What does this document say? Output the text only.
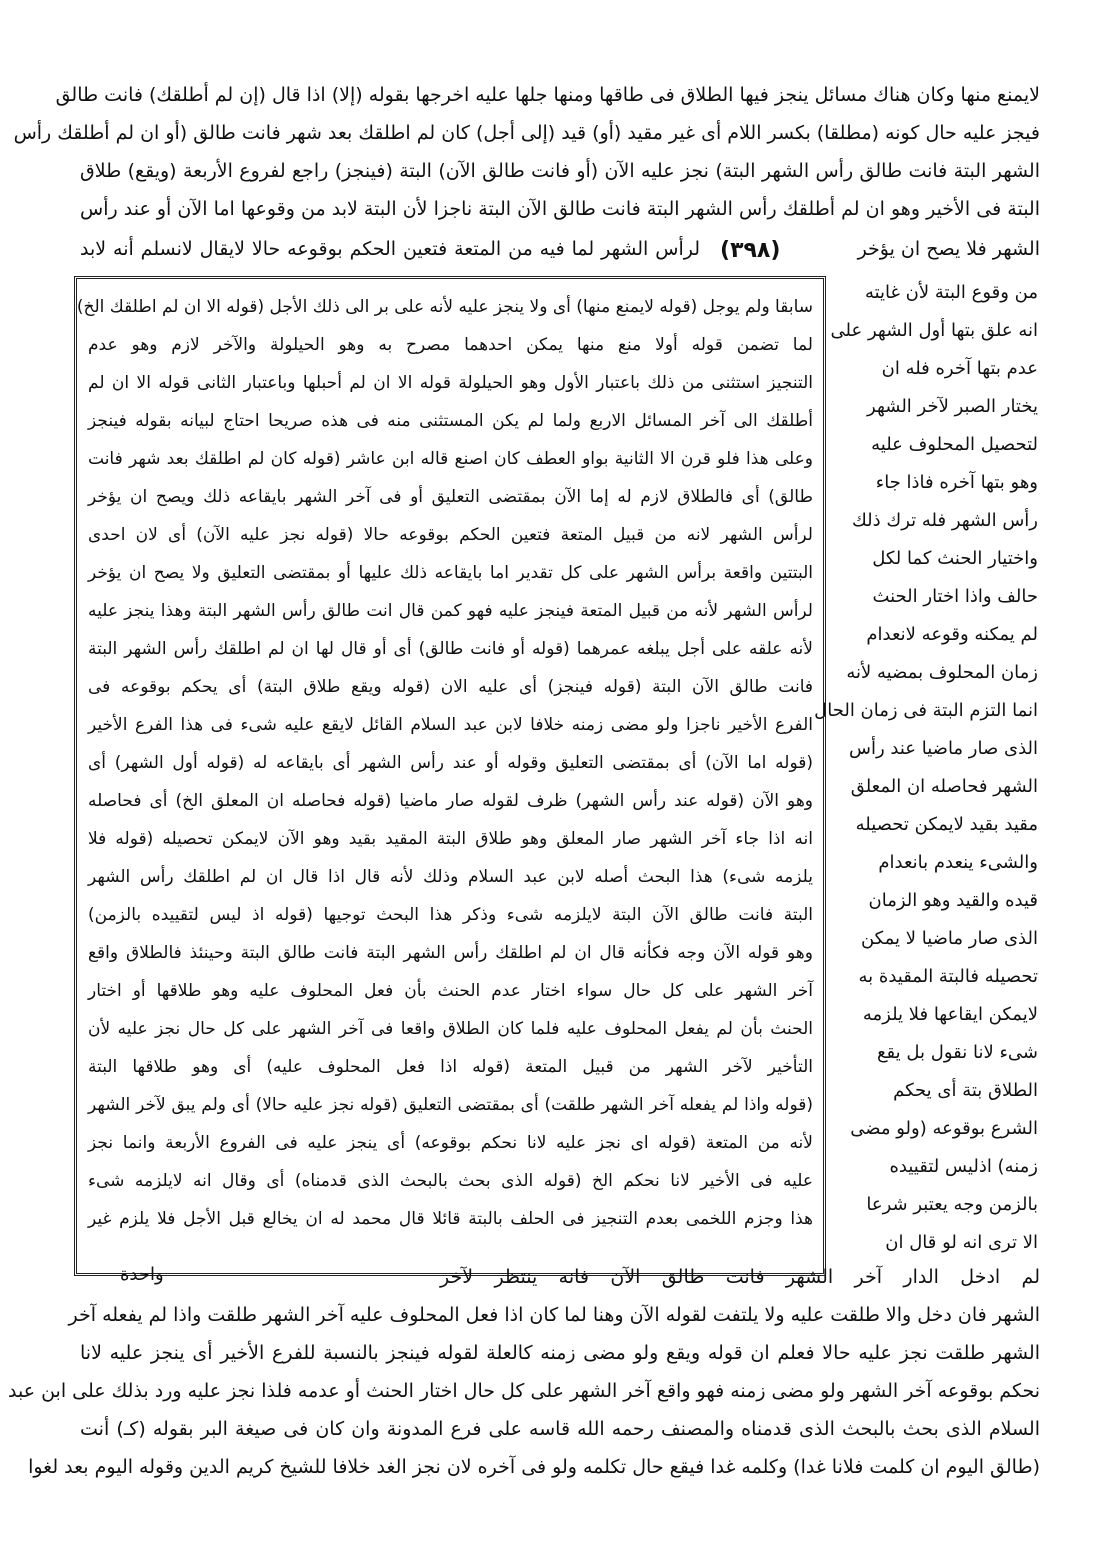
لايمنع منها وكان هناك مسائل ينجز فيها الطلاق فى طاقها ومنها جلها عليه اخرجها بقوله (إلا) اذا قال (إن لم أطلقك) فانت طالق
فيجز عليه حال كونه (مطلقا) بكسر اللام أى غير مقيد (أو) قيد (إلى أجل) كان لم اطلقك بعد شهر فانت طالق (أو ان لم أطلقك رأس
الشهر البتة فانت طالق رأس الشهر البتة) نجز عليه الآن (أو فانت طالق الآن) البتة (فينجز) راجع لفروع الأربعة (ويقع) طلاق
البتة فى الأخير وهو ان لم أطلقك رأس الشهر البتة فانت طالق الآن البتة ناجزا لأن البتة لابد من وقوعها اما الآن أو عند رأس
الشهر فلا يصح ان يؤخر
لرأس الشهر لما فيه من المتعة فتعين الحكم بوقوعه حالا لايقال لانسلم أنه لابد (٣٩٨)
من وقوع البتة لأن غايته
انه علق بتها أول الشهر على
عدم بتها آخره فله ان
يختار الصبر لآخر الشهر
لتحصيل المحلوف عليه
وهو بتها آخره فاذا جاء
رأس الشهر فله ترك ذلك
واختيار الحنث كما لكل
حالف واذا اختار الحنث
لم يمكنه وقوعه لانعدام
زمان المحلوف بمضيه لأنه
انما التزم البتة فى زمان الحال
الذى صار ماضيا عند رأس
الشهر فحاصله ان المعلق
مقيد بقيد لايمكن تحصيله
والشىء ينعدم بانعدام
قيده والقيد وهو الزمان
الذى صار ماضيا لا يمكن
تحصيله فالبتة المقيدة به
لايمكن ايقاعها فلا يلزمه
شىء لانا نقول بل يقع
الطلاق بتة أى يحكم
الشرع بوقوعه (ولو مضى
زمنه) اذليس لتقييده
بالزمن وجه يعتبر شرعا
الا ترى انه لو قال ان
سابقا ولم يوجل (قوله لايمنع منها) أى ولا ينجز عليه لأنه على بر الى ذلك الأجل (قوله الا ان لم اطلقك الخ)
لما تضمن قوله أولا منع منها يمكن احدهما مصرح به وهو الحيلولة والآخر لازم وهو عدم
التنجيز استثنى من ذلك باعتبار الأول وهو الحيلولة قوله الا ان لم أحبلها وباعتبار الثانى قوله الا ان لم
أطلقك الى آخر المسائل الاربع ولما لم يكن المستثنى منه فى هذه صريحا احتاج لبيانه بقوله فينجز
وعلى هذا فلو قرن الا الثانية بواو العطف كان اصنع قاله ابن عاشر (قوله كان لم اطلقك بعد شهر فانت
طالق) أى فالطلاق لازم له إما الآن بمقتضى التعليق أو فى آخر الشهر بايقاعه ذلك ويصح ان يؤخر
لرأس الشهر لانه من قبيل المتعة فتعين الحكم بوقوعه حالا (قوله نجز عليه الآن) أى لان احدى
البتتين واقعة برأس الشهر على كل تقدير اما بايقاعه ذلك عليها أو بمقتضى التعليق ولا يصح ان يؤخر
لرأس الشهر لأنه من قبيل المتعة فينجز عليه فهو كمن قال انت طالق رأس الشهر البتة وهذا ينجز عليه
لأنه علقه على أجل يبلغه عمرهما (قوله أو فانت طالق) أى أو قال لها ان لم اطلقك رأس الشهر البتة
فانت طالق الآن البتة (قوله فينجز) أى عليه الان (قوله ويقع طلاق البتة) أى يحكم بوقوعه فى
الفرع الأخير ناجزا ولو مضى زمنه خلافا لابن عبد السلام القائل لايقع عليه شىء فى هذا الفرع الأخير
(قوله اما الآن) أى بمقتضى التعليق وقوله أو عند رأس الشهر أى بايقاعه له (قوله أول الشهر) أى
وهو الآن (قوله عند رأس الشهر) ظرف لقوله صار ماضيا (قوله فحاصله ان المعلق الخ) أى فحاصله
انه اذا جاء آخر الشهر صار المعلق وهو طلاق البتة المقيد بقيد وهو الآن لايمكن تحصيله (قوله فلا
يلزمه شىء) هذا البحث أصله لابن عبد السلام وذلك لأنه قال اذا قال ان لم اطلقك رأس الشهر
البتة فانت طالق الآن البتة لايلزمه شىء وذكر هذا البحث توجيها (قوله اذ ليس لتقييده بالزمن)
وهو قوله الآن وجه فكأنه قال ان لم اطلقك رأس الشهر البتة فانت طالق البتة وحينئذ فالطلاق واقع
آخر الشهر على كل حال سواء اختار عدم الحنث بأن فعل المحلوف عليه وهو طلاقها أو اختار
الحنث بأن لم يفعل المحلوف عليه فلما كان الطلاق واقعا فى آخر الشهر على كل حال نجز عليه لأن
التأخير لآخر الشهر من قبيل المتعة (قوله اذا فعل المحلوف عليه) أى وهو طلاقها البتة
(قوله واذا لم يفعله آخر الشهر طلقت) أى بمقتضى التعليق (قوله نجز عليه حالا) أى ولم يبق لآخر الشهر
لأنه من المتعة (قوله اى نجز عليه لانا نحكم بوقوعه) أى ينجز عليه فى الفروع الأربعة وانما نجز
عليه فى الأخير لانا نحكم الخ (قوله الذى بحث بالبحث الذى قدمناه) أى وقال انه لايلزمه شىء
هذا وجزم اللخمى بعدم التنجيز فى الحلف بالبتة قائلا قال محمد له ان يخالع قبل الأجل فلا يلزم غير
واحدة	لم ادخل الدار آخر الشهر فانت طالق الآن فانه ينتظر لآخر
الشهر فان دخل والا طلقت عليه ولا يلتفت لقوله الآن وهنا لما كان اذا فعل المحلوف عليه آخر الشهر طلقت واذا لم يفعله آخر
الشهر طلقت نجز عليه حالا فعلم ان قوله ويقع ولو مضى زمنه كالعلة لقوله فينجز بالنسبة للفرع الأخير أى ينجز عليه لانا
نحكم بوقوعه آخر الشهر ولو مضى زمنه فهو واقع آخر الشهر على كل حال اختار الحنث أو عدمه فلذا نجز عليه ورد بذلك على ابن عبد
السلام الذى بحث بالبحث الذى قدمناه والمصنف رحمه الله قاسه على فرع المدونة وان كان فى صيغة البر بقوله (كـ) أنت
(طالق اليوم ان كلمت فلانا غدا) وكلمه غدا فيقع حال تكلمه ولو فى آخره لان نجز الغد خلافا للشيخ كريم الدين وقوله اليوم بعد لغوا
